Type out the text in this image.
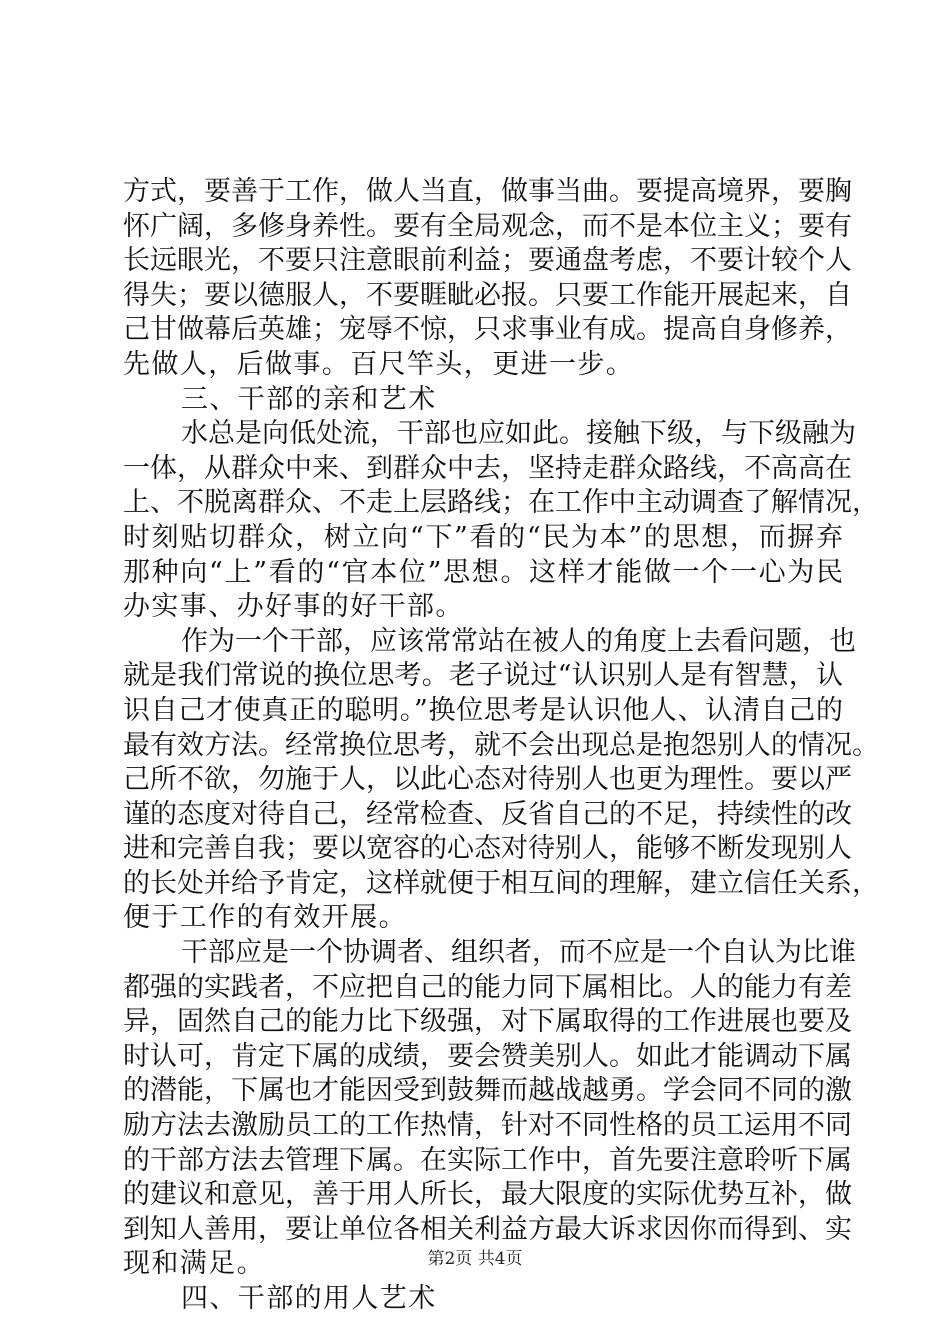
方式，要善于工作，做人当直，做事当曲。要提高境界，要胸
怀广阔，多修身养性。要有全局观念，而不是本位主义；要有
长远眼光，不要只注意眼前利益；要通盘考虑，不要计较个人
得失；要以德服人，不要睚眦必报。只要工作能开展起来，自
己甘做幕后英雄；宠辱不惊，只求事业有成。提高自身修养，
先做人，后做事。百尺竿头，更进一步。
三、干部的亲和艺术
水总是向低处流，干部也应如此。接触下级，与下级融为
一体，从群众中来、到群众中去，坚持走群众路线，不高高在
上、不脱离群众、不走上层路线；在工作中主动调查了解情况，
时刻贴切群众，树立向“下”看的“民为本”的思想，而摒弃
那种向“上”看的“官本位”思想。这样才能做一个一心为民
办实事、办好事的好干部。
作为一个干部，应该常常站在被人的角度上去看问题，也
就是我们常说的换位思考。老子说过“认识别人是有智慧，认
识自己才使真正的聪明。”换位思考是认识他人、认清自己的
最有效方法。经常换位思考，就不会出现总是抱怨别人的情况。
己所不欲，勿施于人，以此心态对待别人也更为理性。要以严
谨的态度对待自己，经常检查、反省自己的不足，持续性的改
进和完善自我；要以宽容的心态对待别人，能够不断发现别人
的长处并给予肯定，这样就便于相互间的理解，建立信任关系，
便于工作的有效开展。
干部应是一个协调者、组织者，而不应是一个自认为比谁
都强的实践者，不应把自己的能力同下属相比。人的能力有差
异，固然自己的能力比下级强，对下属取得的工作进展也要及
时认可，肯定下属的成绩，要会赞美别人。如此才能调动下属
的潜能，下属也才能因受到鼓舞而越战越勇。学会同不同的激
励方法去激励员工的工作热情，针对不同性格的员工运用不同
的干部方法去管理下属。在实际工作中，首先要注意聆听下属
的建议和意见，善于用人所长，最大限度的实际优势互补，做
到知人善用，要让单位各相关利益方最大诉求因你而得到、实
现和满足。
四、干部的用人艺术
第2页 共4页
